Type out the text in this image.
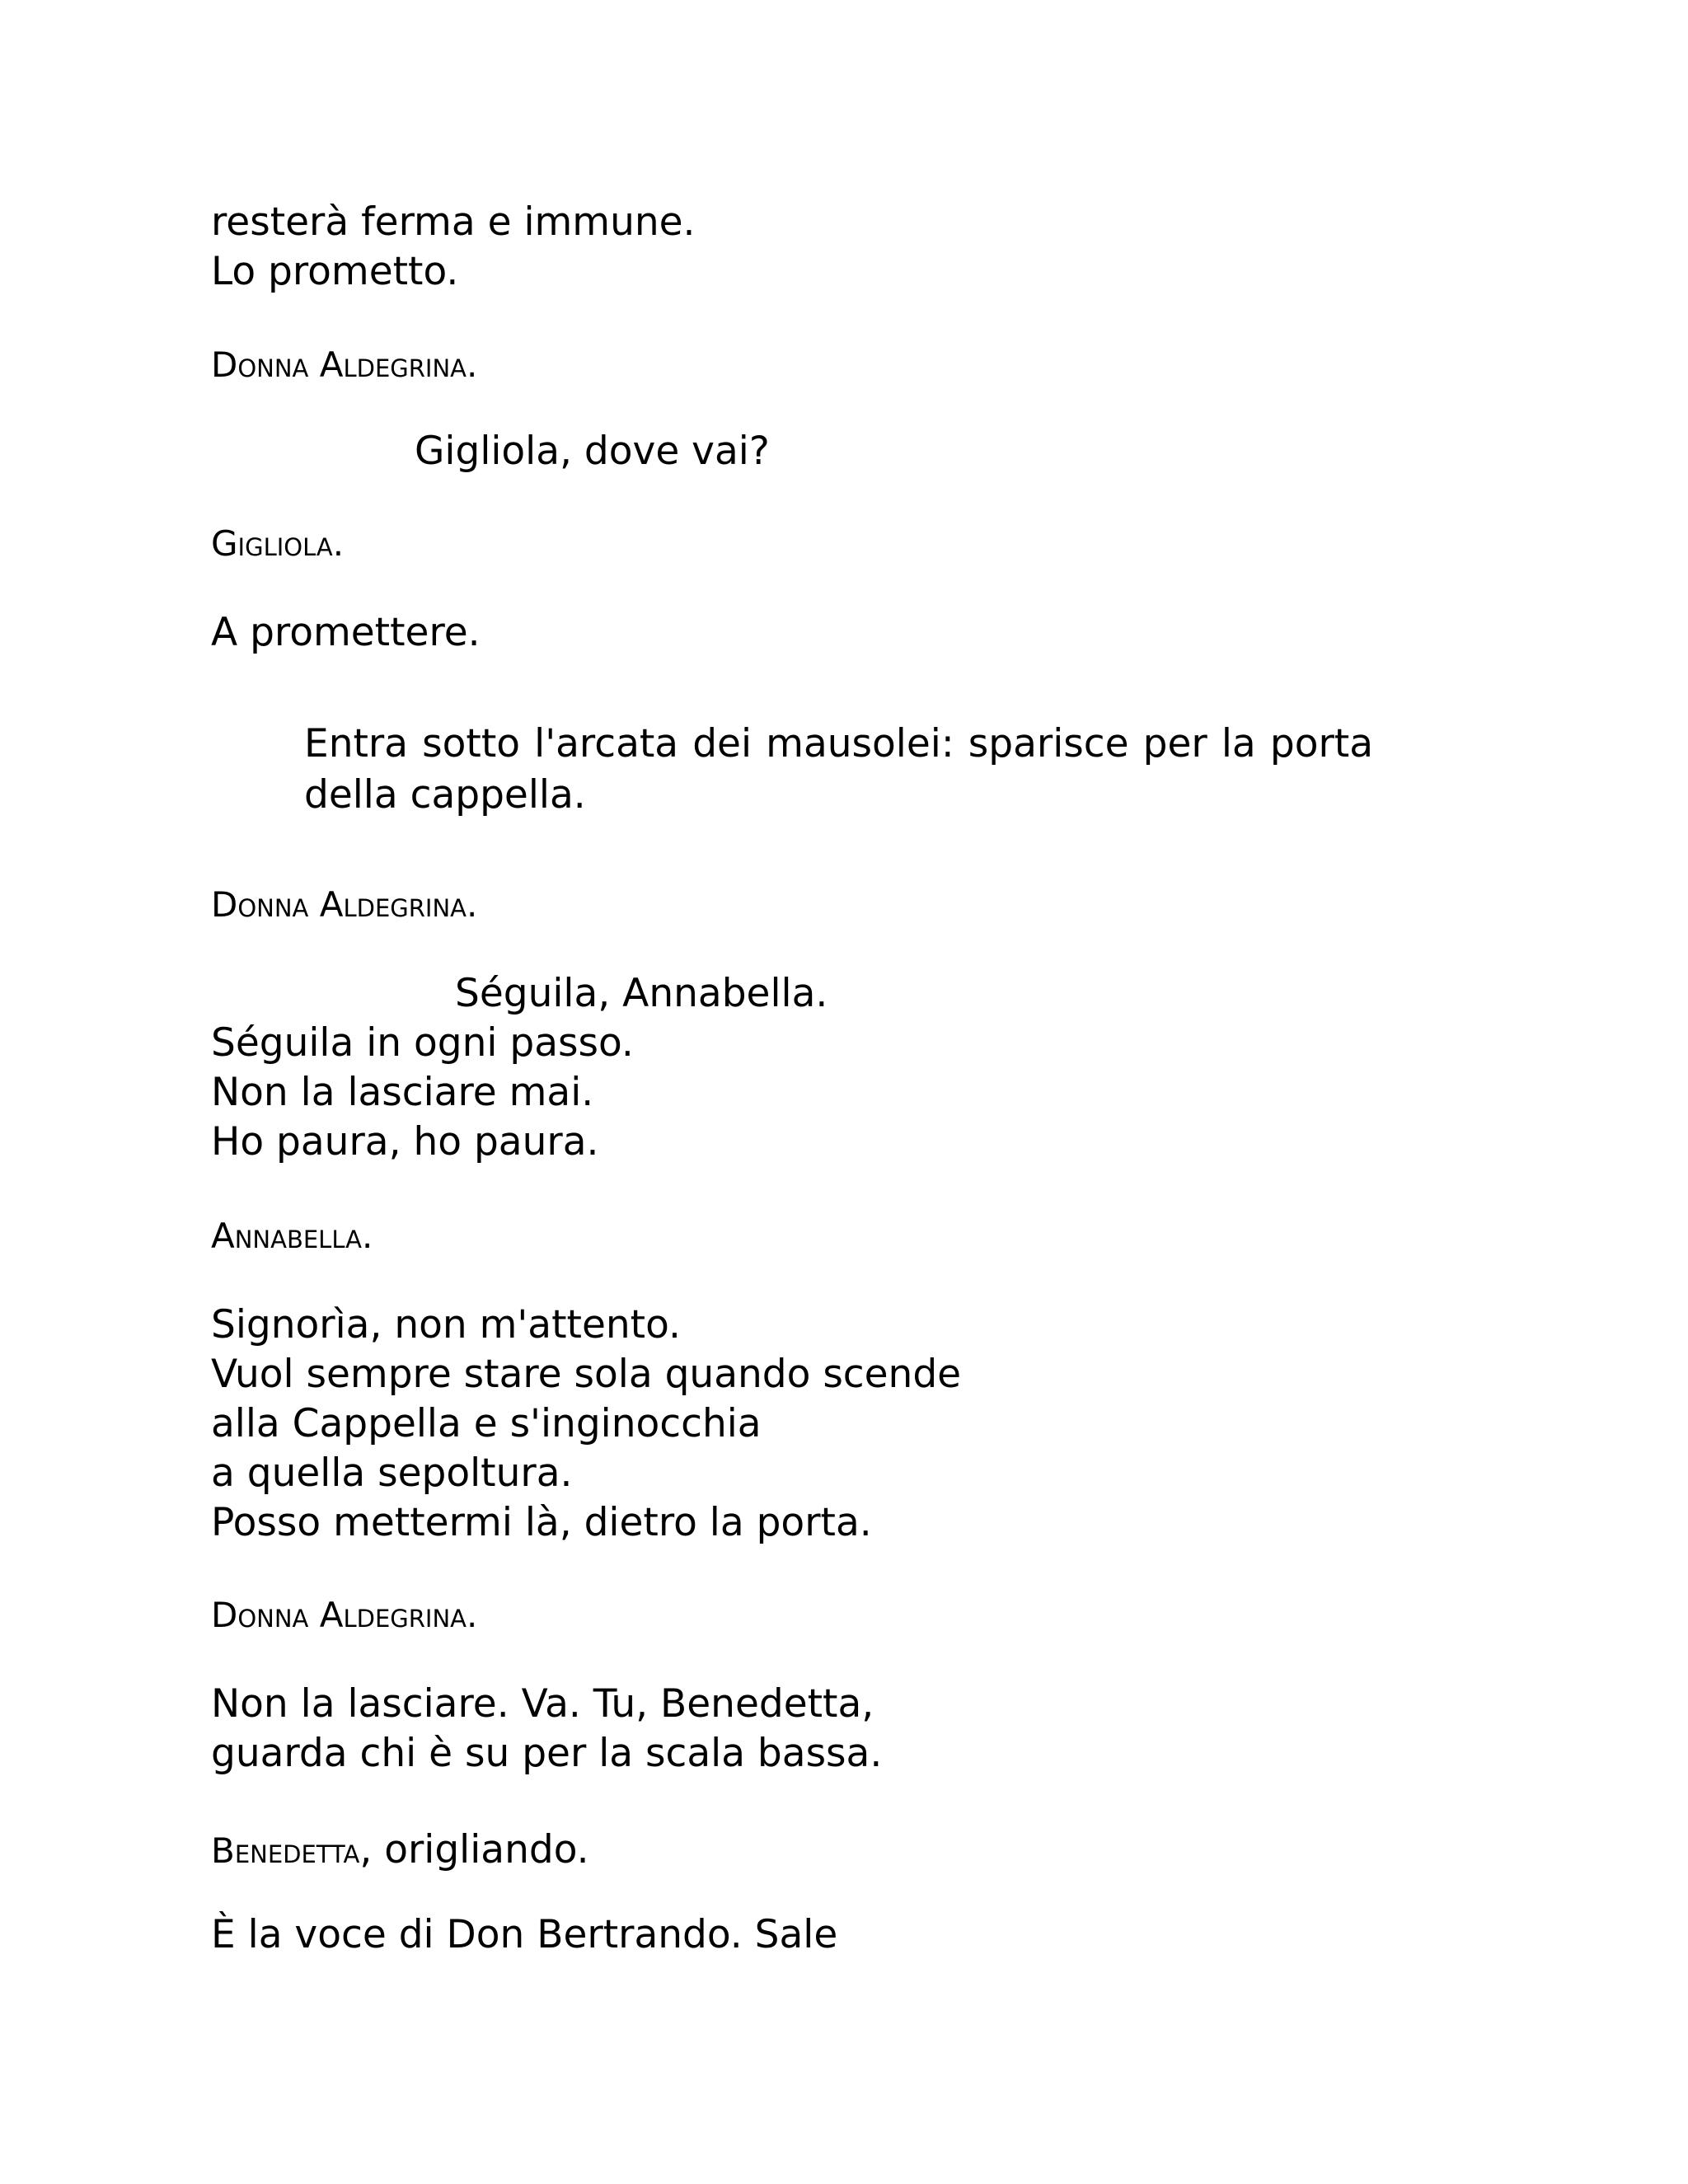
resterà ferma e immune.
Lo prometto.
Donna Aldegrina.
Gigliola, dove vai?
Gigliola.
A promettere.
Entra sotto l'arcata dei mausolei: sparisce per la porta
della cappella.
Donna Aldegrina.
Séguila, Annabella.
Séguila in ogni passo.
Non la lasciare mai.
Ho paura, ho paura.
Annabella.
Signorìa, non m'attento.
Vuol sempre stare sola quando scende
alla Cappella e s'inginocchia
a quella sepoltura.
Posso mettermi là, dietro la porta.
Donna Aldegrina.
Non la lasciare. Va. Tu, Benedetta,
guarda chi è su per la scala bassa.
Benedetta, origliando.
È la voce di Don Bertrando. Sale
